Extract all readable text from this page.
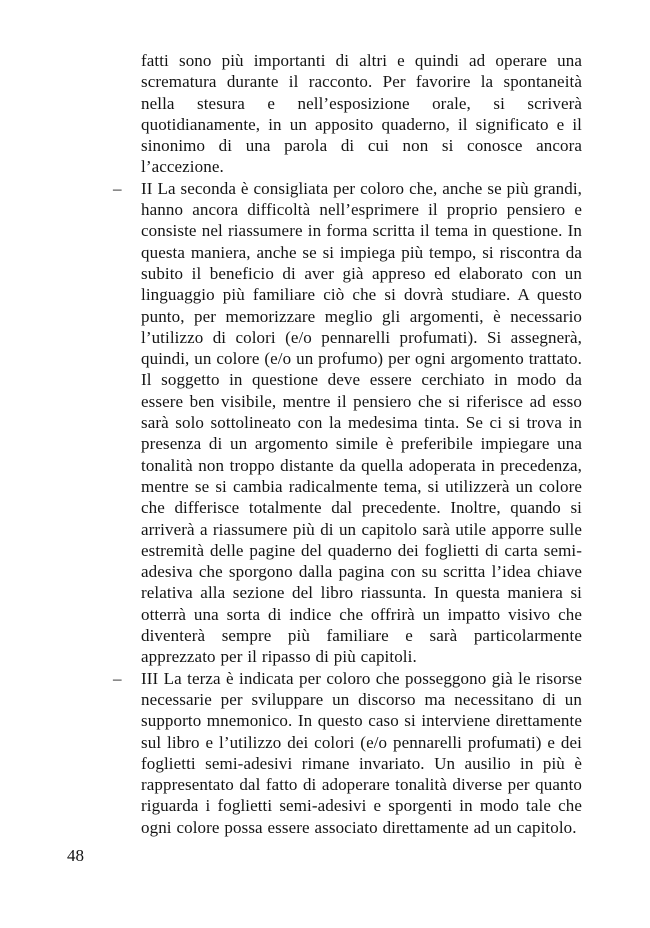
fatti sono più importanti di altri e quindi ad operare una scrematura durante il racconto. Per favorire la spontaneità nella stesura e nell’esposizione orale, si scriverà quotidianamente, in un apposito quaderno, il significato e il sinonimo di una parola di cui non si conosce ancora l’accezione.

– II La seconda è consigliata per coloro che, anche se più grandi, hanno ancora difficoltà nell’esprimere il proprio pensiero e consiste nel riassumere in forma scritta il tema in questione. In questa maniera, anche se si impiega più tempo, si riscontra da subito il beneficio di aver già appreso ed elaborato con un linguaggio più familiare ciò che si dovrà studiare. A questo punto, per memorizzare meglio gli argomenti, è necessario l’utilizzo di colori (e/o pennarelli profumati). Si assegnerà, quindi, un colore (e/o un profumo) per ogni argomento trattato. Il soggetto in questione deve essere cerchiato in modo da essere ben visibile, mentre il pensiero che si riferisce ad esso sarà solo sottolineato con la medesima tinta. Se ci si trova in presenza di un argomento simile è preferibile impiegare una tonalità non troppo distante da quella adoperata in precedenza, mentre se si cambia radicalmente tema, si utilizzerà un colore che differisce totalmente dal precedente. Inoltre, quando si arriverà a riassumere più di un capitolo sarà utile apporre sulle estremità delle pagine del quaderno dei foglietti di carta semi-adesiva che sporgono dalla pagina con su scritta l’idea chiave relativa alla sezione del libro riassunta. In questa maniera si otterrà una sorta di indice che offrirà un impatto visivo che diventerà sempre più familiare e sarà particolarmente apprezzato per il ripasso di più capitoli.

– III La terza è indicata per coloro che posseggono già le risorse necessarie per sviluppare un discorso ma necessitano di un supporto mnemonico. In questo caso si interviene direttamente sul libro e l’utilizzo dei colori (e/o pennarelli profumati) e dei foglietti semi-adesivi rimane invariato. Un ausilio in più è rappresentato dal fatto di adoperare tonalità diverse per quanto riguarda i foglietti semi-adesivi e sporgenti in modo tale che ogni colore possa essere associato direttamente ad un capitolo.

48
